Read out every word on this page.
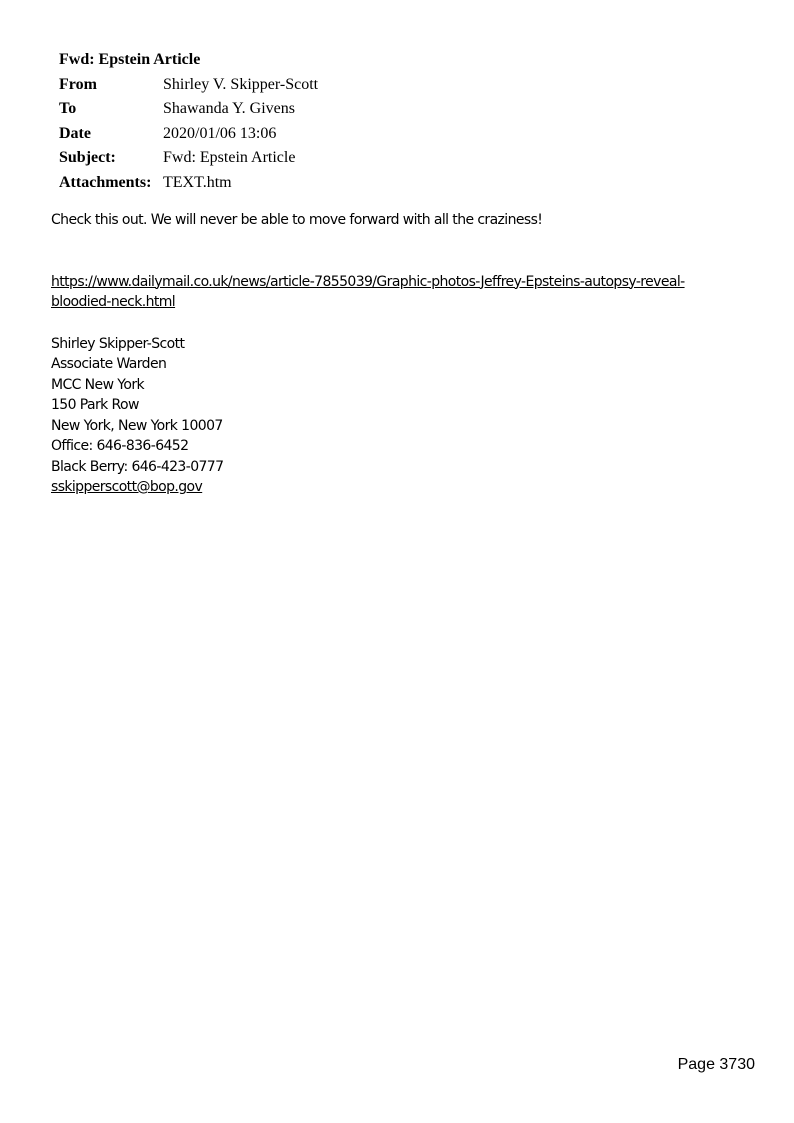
Fwd: Epstein Article
From	Shirley V. Skipper-Scott
To	Shawanda Y. Givens
Date	2020/01/06 13:06
Subject:	Fwd: Epstein Article
Attachments: TEXT.htm
Check this out. We will never be able to move forward with all the craziness!
https://www.dailymail.co.uk/news/article-7855039/Graphic-photos-Jeffrey-Epsteins-autopsy-reveal-
bloodied-neck.html
Shirley Skipper-Scott
Associate Warden
MCC New York
150 Park Row
New York, New York 10007
Office: 646-836-6452
Black Berry: 646-423-0777
sskipperscott@bop.gov
Page 3730
